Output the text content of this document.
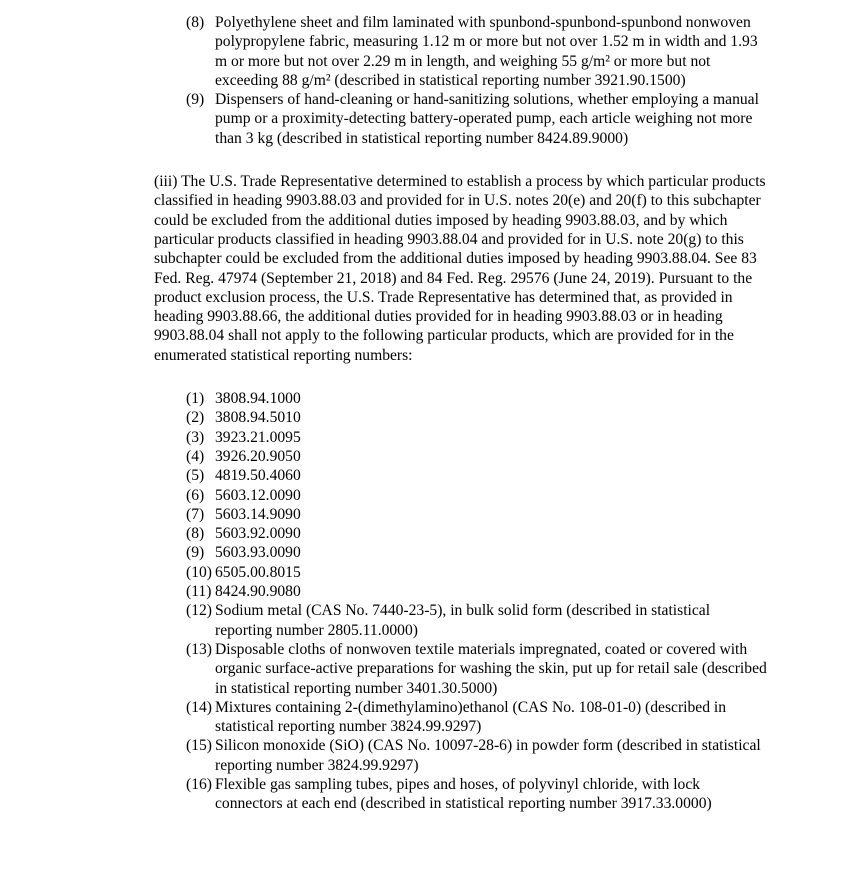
(8) Polyethylene sheet and film laminated with spunbond-spunbond-spunbond nonwoven polypropylene fabric, measuring 1.12 m or more but not over 1.52 m in width and 1.93 m or more but not over 2.29 m in length, and weighing 55 g/m² or more but not exceeding 88 g/m² (described in statistical reporting number 3921.90.1500)
(9) Dispensers of hand-cleaning or hand-sanitizing solutions, whether employing a manual pump or a proximity-detecting battery-operated pump, each article weighing not more than 3 kg (described in statistical reporting number 8424.89.9000)

(iii) The U.S. Trade Representative determined to establish a process by which particular products classified in heading 9903.88.03 and provided for in U.S. notes 20(e) and 20(f) to this subchapter could be excluded from the additional duties imposed by heading 9903.88.03, and by which particular products classified in heading 9903.88.04 and provided for in U.S. note 20(g) to this subchapter could be excluded from the additional duties imposed by heading 9903.88.04. See 83 Fed. Reg. 47974 (September 21, 2018) and 84 Fed. Reg. 29576 (June 24, 2019). Pursuant to the product exclusion process, the U.S. Trade Representative has determined that, as provided in heading 9903.88.66, the additional duties provided for in heading 9903.88.03 or in heading 9903.88.04 shall not apply to the following particular products, which are provided for in the enumerated statistical reporting numbers:

(1) 3808.94.1000
(2) 3808.94.5010
(3) 3923.21.0095
(4) 3926.20.9050
(5) 4819.50.4060
(6) 5603.12.0090
(7) 5603.14.9090
(8) 5603.92.0090
(9) 5603.93.0090
(10) 6505.00.8015
(11) 8424.90.9080
(12) Sodium metal (CAS No. 7440-23-5), in bulk solid form (described in statistical reporting number 2805.11.0000)
(13) Disposable cloths of nonwoven textile materials impregnated, coated or covered with organic surface-active preparations for washing the skin, put up for retail sale (described in statistical reporting number 3401.30.5000)
(14) Mixtures containing 2-(dimethylamino)ethanol (CAS No. 108-01-0) (described in statistical reporting number 3824.99.9297)
(15) Silicon monoxide (SiO) (CAS No. 10097-28-6) in powder form (described in statistical reporting number 3824.99.9297)
(16) Flexible gas sampling tubes, pipes and hoses, of polyvinyl chloride, with lock connectors at each end (described in statistical reporting number 3917.33.0000)
